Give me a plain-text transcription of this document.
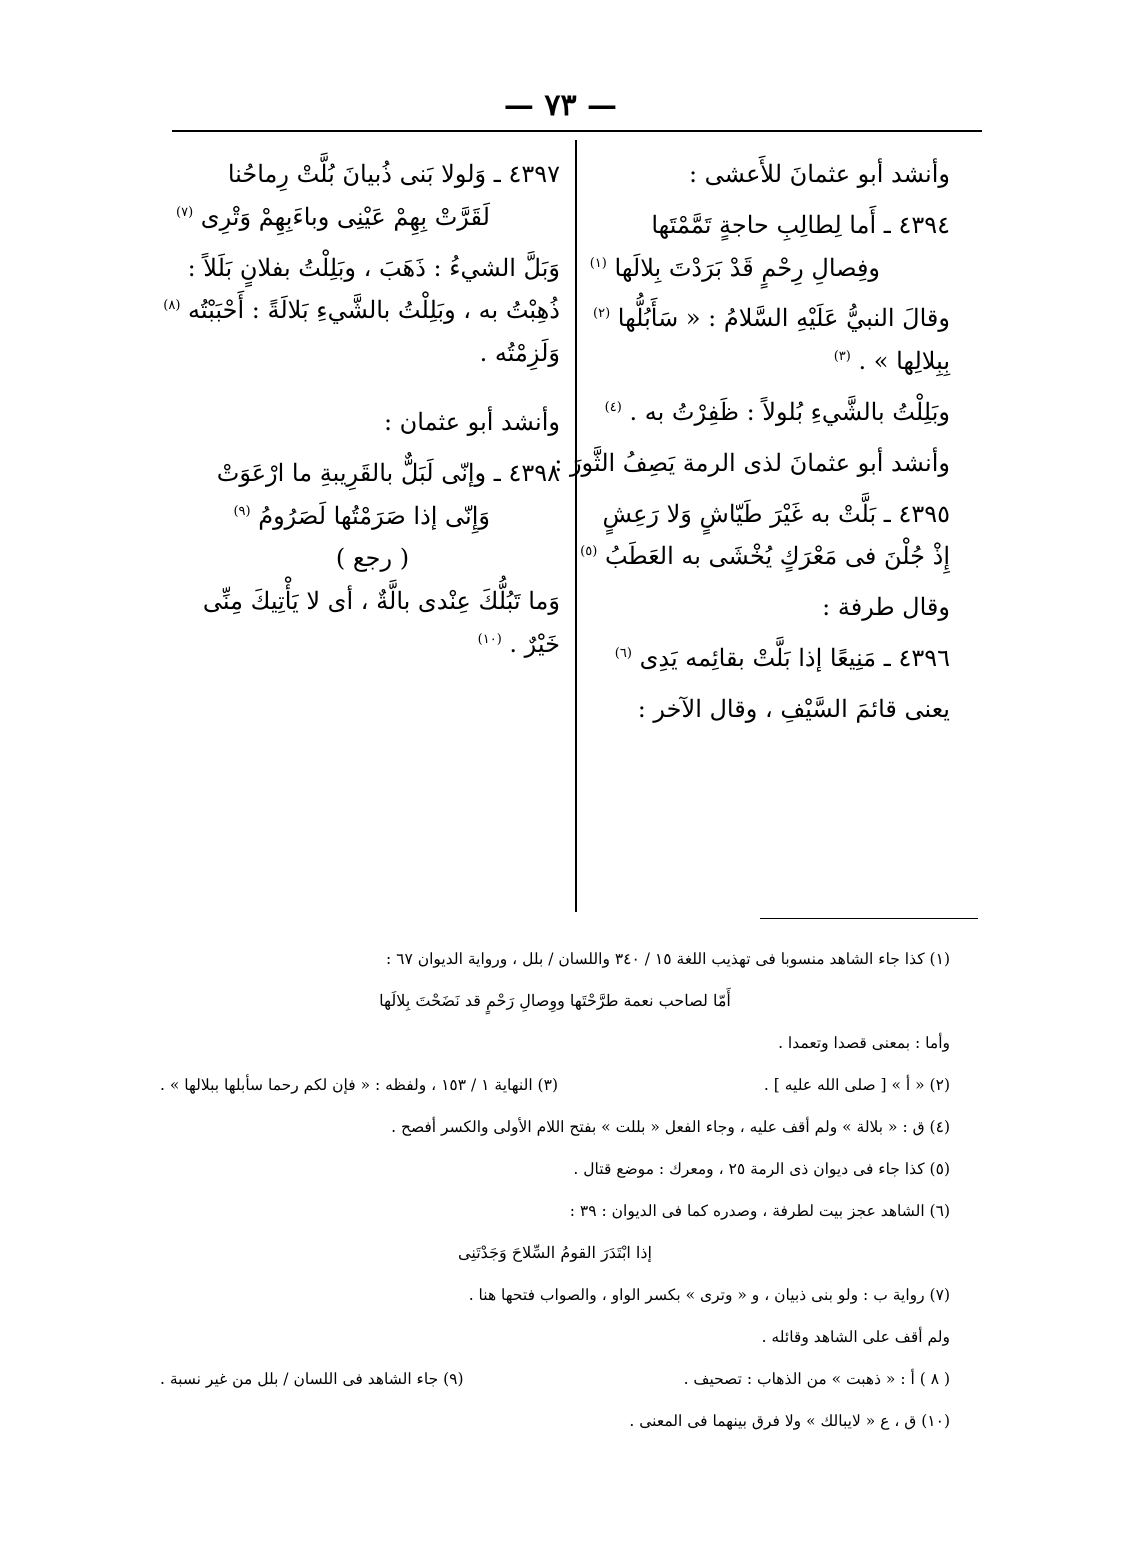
— ٧٣ —
وأنشد أبو عثمانَ للأَعشى :
٤٣٩٤ ـ أَما لِطالِبِ حاجةٍ تَمَّمْتَها
وفِصالِ رِحْمٍ قَدْ بَرَدْتَ بِلالَها $^{(١)}$
وقالَ النبيُّ عَلَيْهِ السَّلامُ : « سَأَبُلُّها $^{(٢)}$
بِبِلالِها » . $^{(٣)}$
وبَلِلْتُ بالشَّيءِ بُلولاً : ظَفِرْتُ به . $^{(٤)}$
وأنشد أبو عثمانَ لذى الرمة يَصِفُ الثَّورَ :
٤٣٩٥ ـ بَلَّتْ به غَيْرَ طَيّاشٍ وَلا رَعِشٍ
إِذْ جُلْنَ فى مَعْرَكٍ يُخْشَى به العَطَبُ $^{(٥)}$
وقال طرفة :
٤٣٩٦ ـ مَنِيعًا إذا بَلَّتْ بقائِمه يَدِى $^{(٦)}$
يعنى قائمَ السَّيْفِ ، وقال الآخر :
٤٣٩٧ ـ وَلولا بَنى ذُبيانَ بُلَّتْ رِماحُنا
لَقَرَّتْ بِهِمْ عَيْنِى وباءَبِهِمْ وَتْرِى $^{(٧)}$
وَبَلَّ الشيءُ : ذَهَبَ ، وبَلِلْتُ بفلانٍ بَلَلاً :
ذُهِبْتُ به ، وبَلِلْتُ بالشَّيءِ بَلالَةً : أَحْبَبْتُه $^{(٨)}$
وَلَزِمْتُه .
وأنشد أبو عثمان :
٤٣٩٨ ـ وإنّى لَبَلٌّ بالقَرِيبةِ ما ارْعَوَتْ
وَإِنّى إذا صَرَمْتُها لَصَرُومُ $^{(٩)}$
( رجع )
وَما تَبُلُّكَ عِنْدى بالَّةٌ ، أى لا يَأْتِيكَ مِنِّى
خَيْرٌ . $^{(١٠)}$
(١) كذا جاء الشاهد منسوبا فى تهذيب اللغة ١٥ / ٣٤٠ واللسان / بلل ، ورواية الديوان ٦٧ :
أَمّا لصاحب نعمة طرَّحْتَها ووِصالِ رَحْمٍ قد نَضَحْتَ بِلالَها
وأما : بمعنى قصدا وتعمدا .
(٢) « أ » [ صلى الله عليه ] .
(٣) النهاية ١ / ١٥٣ ، ولفظه : « فإن لكم رحما سأبلها ببلالها » .
(٤) ق : « بلالة » ولم أقف عليه ، وجاء الفعل « بللت » بفتح اللام الأولى والكسر أفصح .
(٥) كذا جاء فى ديوان ذى الرمة ٢٥ ، ومعرك : موضع قتال .
(٦) الشاهد عجز بيت لطرفة ، وصدره كما فى الديوان : ٣٩ :
إذا ابْتَدَرَ القومُ السِّلاحَ وَجَدْتَنِى
(٧) رواية ب : ولو بنى ذبيان ، و « وترى » بكسر الواو ، والصواب فتحها هنا .
ولم أقف على الشاهد وقائله .
( ٨ ) أ : « ذهبت » من الذهاب : تصحيف .
(٩) جاء الشاهد فى اللسان / بلل من غير نسبة .
(١٠) ق ، ع « لايبالك » ولا فرق بينهما فى المعنى .
